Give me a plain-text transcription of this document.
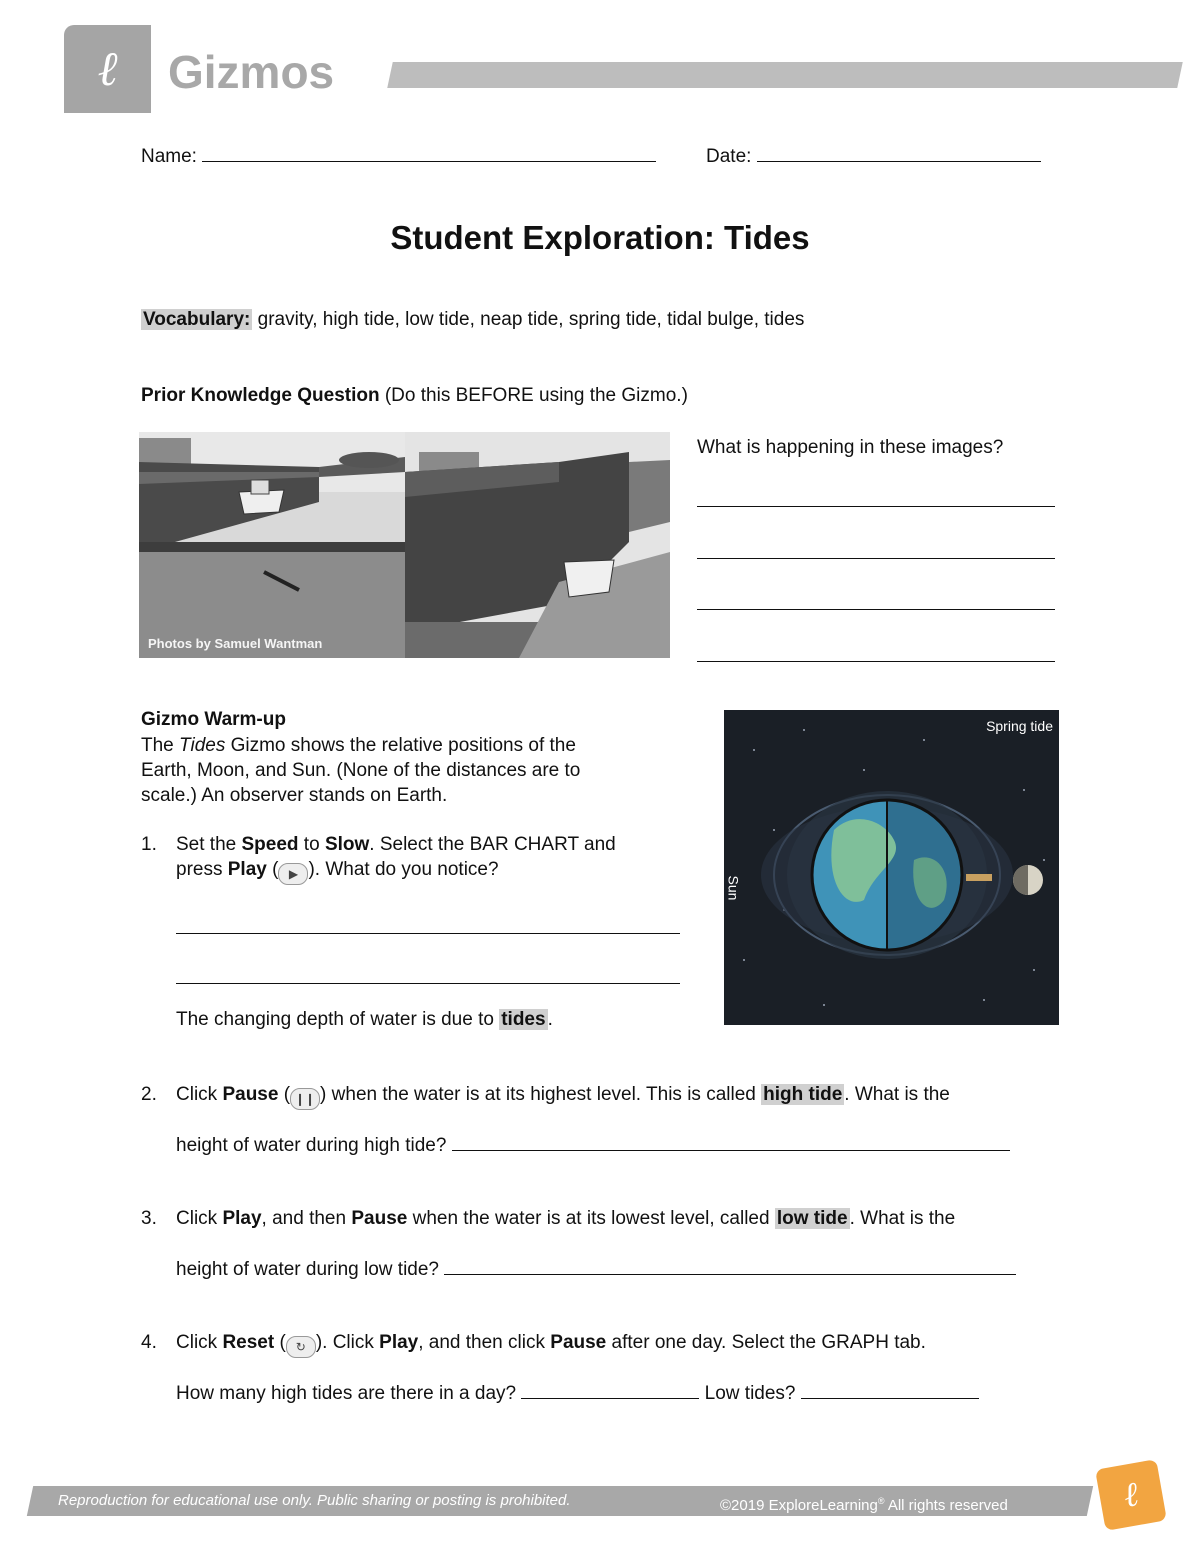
ℓ	Gizmos
Name:	Date:
Student Exploration: Tides
Vocabulary: gravity, high tide, low tide, neap tide, spring tide, tidal bulge, tides
Prior Knowledge Question (Do this BEFORE using the Gizmo.)
Photos by Samuel Wantman
What is happening in these images?
Gizmo Warm-up
The Tides Gizmo shows the relative positions of the
Earth, Moon, and Sun. (None of the distances are to
scale.) An observer stands on Earth.
Spring tide
Sun
1. Set the Speed to Slow. Select the BAR CHART and
press Play ( ▶ ). What do you notice?
The changing depth of water is due to tides .
2. Click Pause ( ❙❙ ) when the water is at its highest level. This is called high tide . What is the
height of water during high tide?
3. Click Play, and then Pause when the water is at its lowest level, called low tide . What is the
height of water during low tide?
4. Click Reset ( ↻ ). Click Play, and then click Pause after one day. Select the GRAPH tab.
How many high tides are there in a day?	Low tides?
Reproduction for educational use only. Public sharing or posting is prohibited.	©2019 ExploreLearning® All rights reserved	ℓ
